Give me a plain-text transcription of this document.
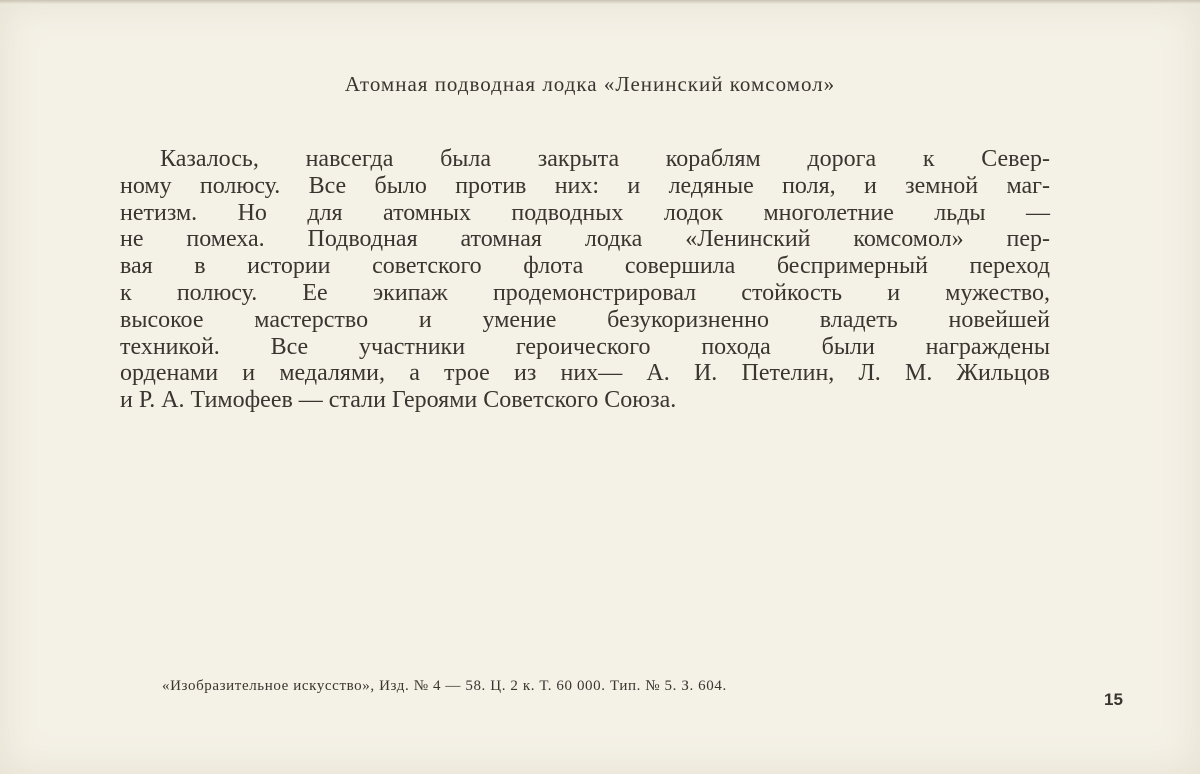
Атомная подводная лодка «Ленинский комсомол»
Казалось, навсегда была закрыта кораблям дорога к Север-
ному полюсу. Все было против них: и ледяные поля, и земной маг-
нетизм. Но для атомных подводных лодок многолетние льды —
не помеха. Подводная атомная лодка «Ленинский комсомол» пер-
вая в истории советского флота совершила беспримерный переход
к полюсу. Ее экипаж продемонстрировал стойкость и мужество,
высокое мастерство и умение безукоризненно владеть новейшей
техникой. Все участники героического похода были награждены
орденами и медалями, а трое из них— А. И. Петелин, Л. М. Жильцов
и Р. А. Тимофеев — стали Героями Советского Союза.
«Изобразительное искусство», Изд. № 4 — 58. Ц. 2 к. Т. 60 000. Тип. № 5. З. 604.
15
